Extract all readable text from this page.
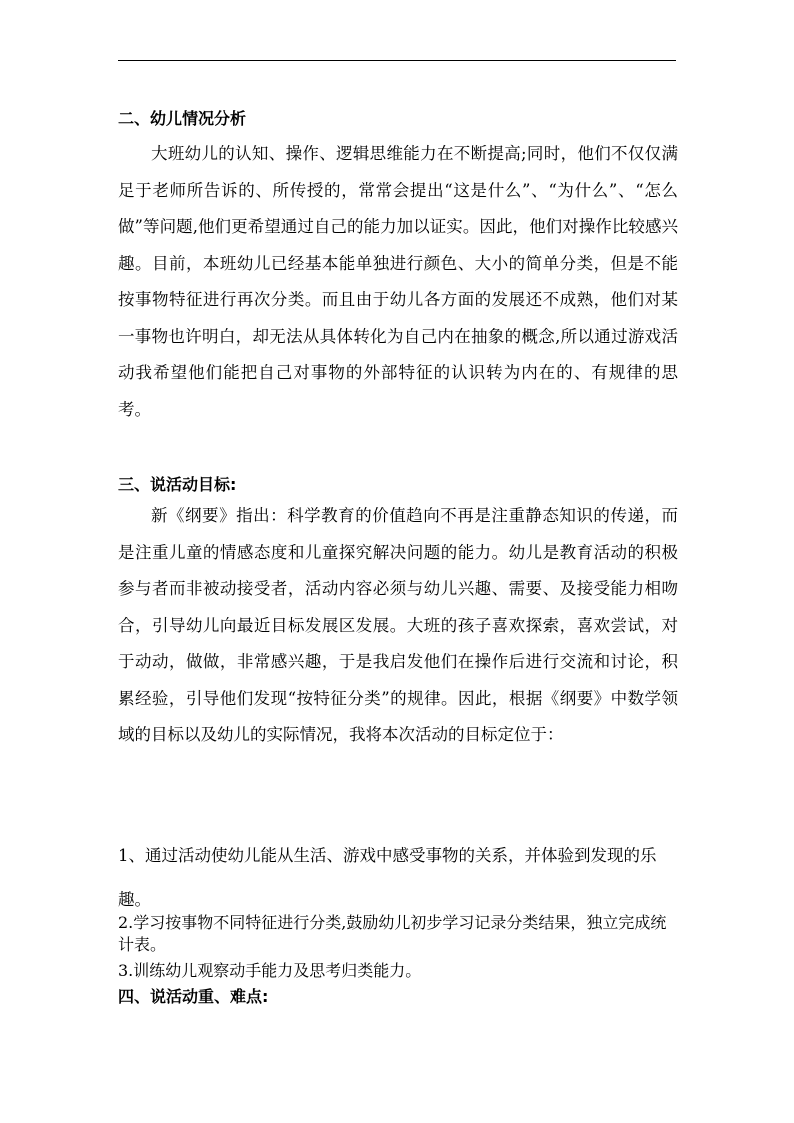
二、幼儿情况分析

大班幼儿的认知、操作、逻辑思维能力在不断提高;同时，他们不仅仅满足于老师所告诉的、所传授的，常常会提出“这是什么”、“为什么”、“怎么做”等问题,他们更希望通过自己的能力加以证实。因此，他们对操作比较感兴趣。目前，本班幼儿已经基本能单独进行颜色、大小的简单分类，但是不能按事物特征进行再次分类。而且由于幼儿各方面的发展还不成熟，他们对某一事物也许明白，却无法从具体转化为自己内在抽象的概念,所以通过游戏活动我希望他们能把自己对事物的外部特征的认识转为内在的、有规律的思考。

三、说活动目标:

新《纲要》指出：科学教育的价值趋向不再是注重静态知识的传递，而是注重儿童的情感态度和儿童探究解决问题的能力。幼儿是教育活动的积极参与者而非被动接受者，活动内容必须与幼儿兴趣、需要、及接受能力相吻合，引导幼儿向最近目标发展区发展。大班的孩子喜欢探索，喜欢尝试，对于动动，做做，非常感兴趣，于是我启发他们在操作后进行交流和讨论，积累经验，引导他们发现“按特征分类”的规律。因此，根据《纲要》中数学领域的目标以及幼儿的实际情况，我将本次活动的目标定位于：

1、通过活动使幼儿能从生活、游戏中感受事物的关系，并体验到发现的乐趣。

2.学习按事物不同特征进行分类,鼓励幼儿初步学习记录分类结果，独立完成统计表。

3.训练幼儿观察动手能力及思考归类能力。

四、说活动重、难点:
